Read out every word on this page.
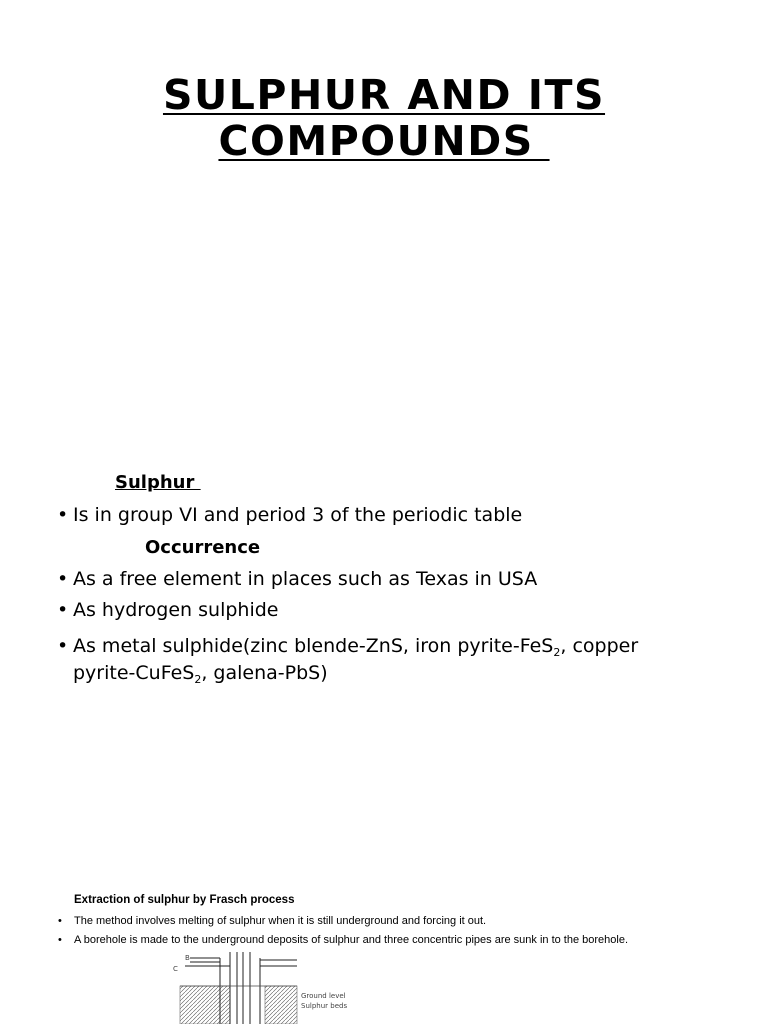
SULPHUR AND ITS
COMPOUNDS
Sulphur
• Is in group VI and period 3 of the periodic table
Occurrence
• As a free element in places such as Texas in USA
• As hydrogen sulphide
• As metal sulphide(zinc blende-ZnS, iron pyrite-FeS$_2$, copper pyrite-CuFeS$_2$, galena-PbS)
Extraction of sulphur by Frasch process
•	The method involves melting of sulphur when it is still underground and forcing it out.
•	A borehole is made to the underground deposits of sulphur and three concentric pipes are sunk in to the borehole.
B
C
Ground level
Sulphur beds
